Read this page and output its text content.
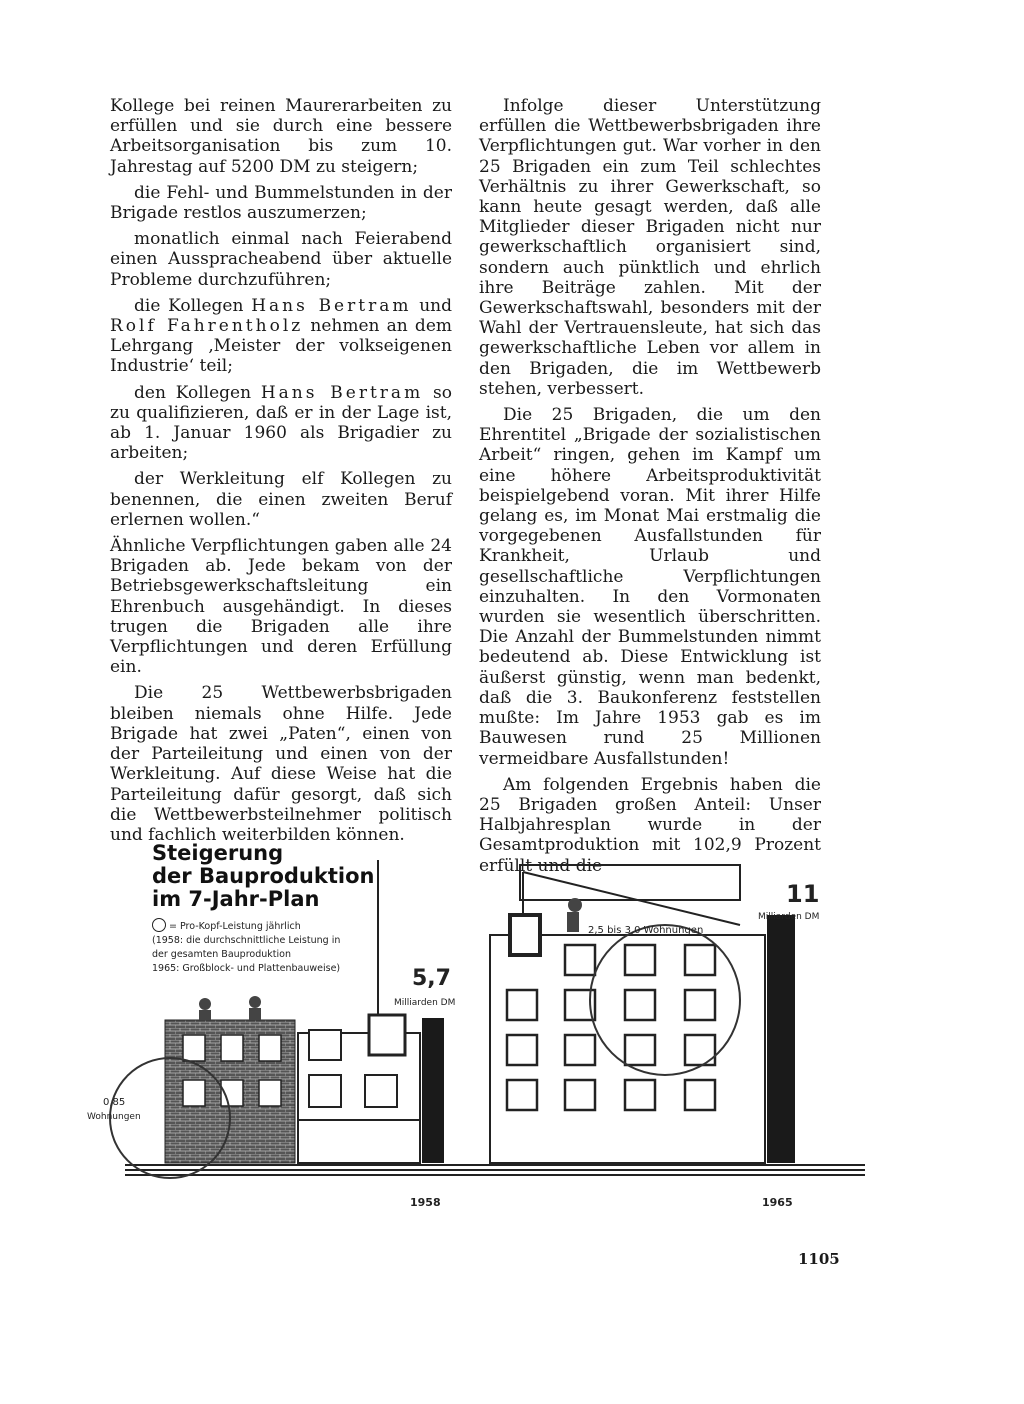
Kollege bei reinen Maurerarbeiten zu erfüllen und sie durch eine bessere Arbeitsorganisation bis zum 10. Jahrestag auf 5200 DM zu steigern;

die Fehl- und Bummelstunden in der Brigade restlos auszumerzen;

monatlich einmal nach Feierabend einen Ausspracheabend über aktuelle Probleme durchzuführen;

die Kollegen Hans Bertram und Rolf Fahrentholz nehmen an dem Lehrgang ‚Meister der volkseigenen Industrie‘ teil;

den Kollegen Hans Bertram so zu qualifizieren, daß er in der Lage ist, ab 1. Januar 1960 als Brigadier zu arbeiten;

der Werkleitung elf Kollegen zu benennen, die einen zweiten Beruf erlernen wollen.“

Ähnliche Verpflichtungen gaben alle 24 Brigaden ab. Jede bekam von der Betriebsgewerkschaftsleitung ein Ehrenbuch ausgehändigt. In dieses trugen die Brigaden alle ihre Verpflichtungen und deren Erfüllung ein.

Die 25 Wettbewerbsbrigaden bleiben niemals ohne Hilfe. Jede Brigade hat zwei „Paten“, einen von der Parteileitung und einen von der Werkleitung. Auf diese Weise hat die Parteileitung dafür gesorgt, daß sich die Wettbewerbsteilnehmer politisch und fachlich weiterbilden können.

Infolge dieser Unterstützung erfüllen die Wettbewerbsbrigaden ihre Verpflichtungen gut. War vorher in den 25 Brigaden ein zum Teil schlechtes Verhältnis zu ihrer Gewerkschaft, so kann heute gesagt werden, daß alle Mitglieder dieser Brigaden nicht nur gewerkschaftlich organisiert sind, sondern auch pünktlich und ehrlich ihre Beiträge zahlen. Mit der Gewerkschaftswahl, besonders mit der Wahl der Vertrauensleute, hat sich das gewerkschaftliche Leben vor allem in den Brigaden, die im Wettbewerb stehen, verbessert.

Die 25 Brigaden, die um den Ehrentitel „Brigade der sozialistischen Arbeit“ ringen, gehen im Kampf um eine höhere Arbeitsproduktivität beispielgebend voran. Mit ihrer Hilfe gelang es, im Monat Mai erstmalig die vorgegebenen Ausfallstunden für Krankheit, Urlaub und gesellschaftliche Verpflichtungen einzuhalten. In den Vormonaten wurden sie wesentlich überschritten. Die Anzahl der Bummelstunden nimmt bedeutend ab. Diese Entwicklung ist äußerst günstig, wenn man bedenkt, daß die 3. Baukonferenz feststellen mußte: Im Jahre 1953 gab es im Bauwesen rund 25 Millionen vermeidbare Ausfallstunden!

Am folgenden Ergebnis haben die 25 Brigaden großen Anteil: Unser Halbjahresplan wurde in der Gesamtproduktion mit 102,9 Prozent erfüllt und die

Steigerung
der Bauproduktion
im 7-Jahr-Plan
= Pro-Kopf-Leistung jährlich
(1958: die durchschnittliche Leistung in
der gesamten Bauproduktion
1965: Großblock- und Plattenbauweise)	5,7
Milliarden DM
11
Milliarden DM
0,85
Wohnungen
2,5 bis 3,0 Wohnungen
1958	1965
1105
